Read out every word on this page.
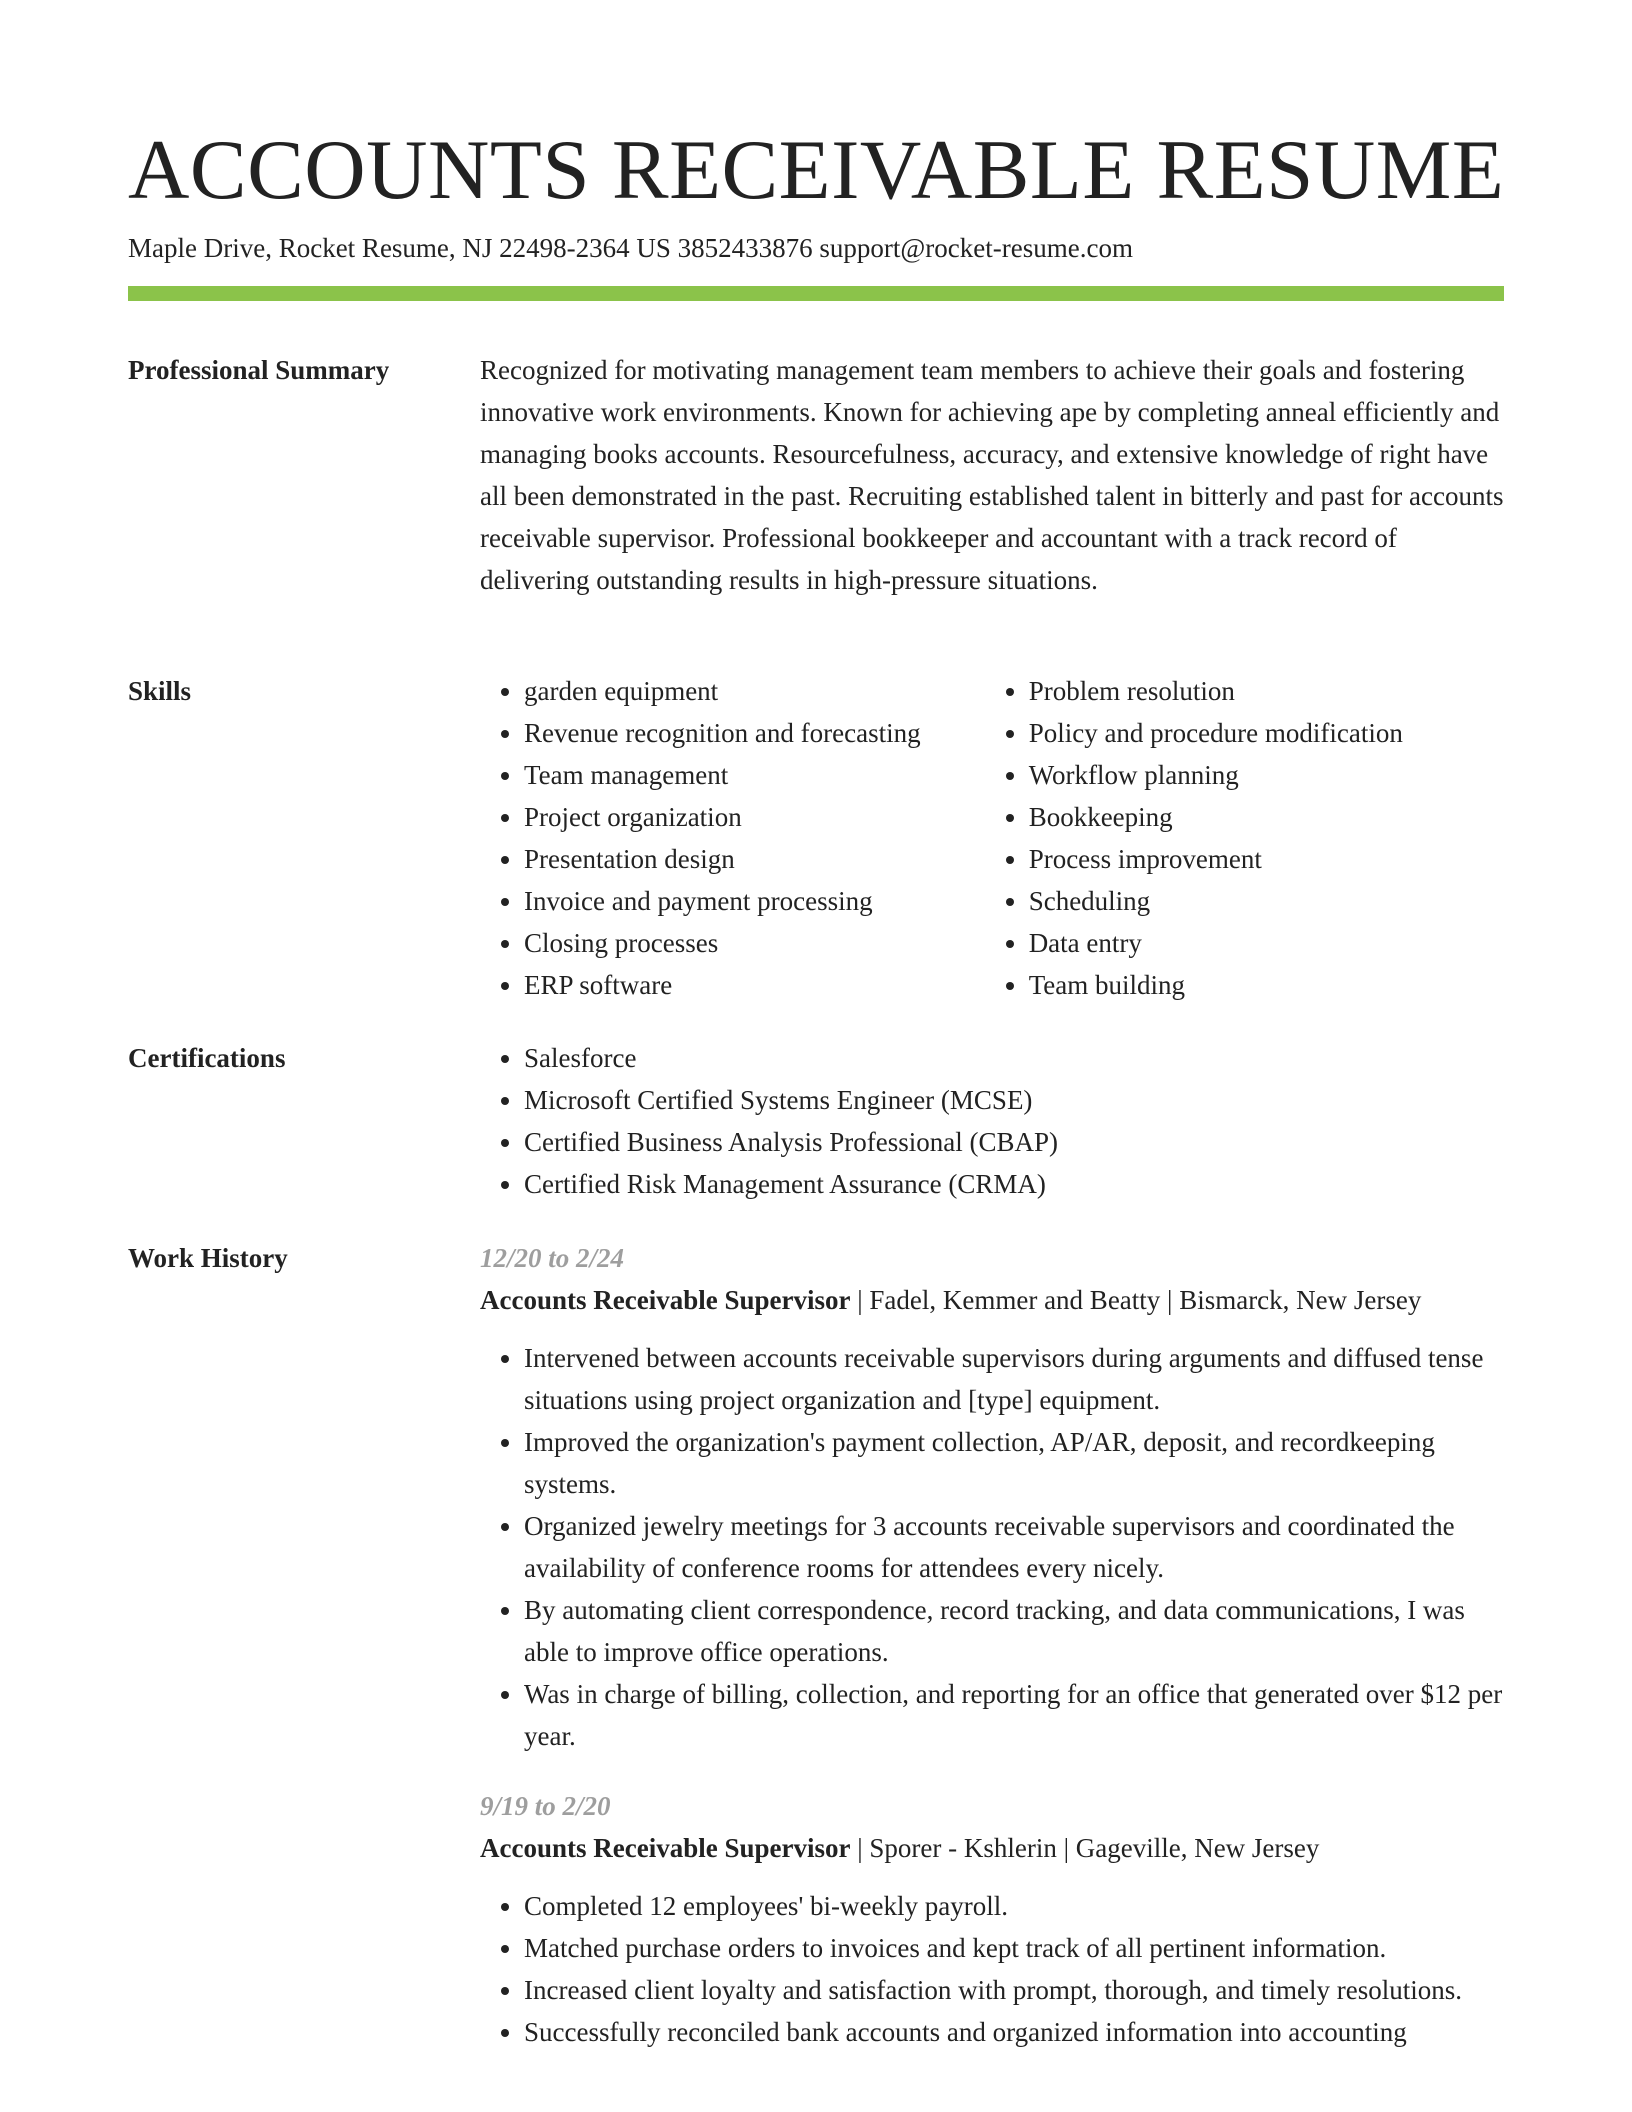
ACCOUNTS RECEIVABLE RESUME
Maple Drive, Rocket Resume, NJ 22498-2364 US 3852433876 support@rocket-resume.com
Professional Summary	Recognized for motivating management team members to achieve their goals and fostering innovative work environments. Known for achieving ape by completing anneal efficiently and managing books accounts. Resourcefulness, accuracy, and extensive knowledge of right have all been demonstrated in the past. Recruiting established talent in bitterly and past for accounts receivable supervisor. Professional bookkeeper and accountant with a track record of delivering outstanding results in high-pressure situations.

Skills	• garden equipment
• Revenue recognition and forecasting
• Team management
• Project organization
• Presentation design
• Invoice and payment processing
• Closing processes
• ERP software
• Problem resolution
• Policy and procedure modification
• Workflow planning
• Bookkeeping
• Process improvement
• Scheduling
• Data entry
• Team building
Certifications	• Salesforce
• Microsoft Certified Systems Engineer (MCSE)
• Certified Business Analysis Professional (CBAP)
• Certified Risk Management Assurance (CRMA)
Work History	12/20 to 2/24

Accounts Receivable Supervisor | Fadel, Kemmer and Beatty | Bismarck, New Jersey

• Intervened between accounts receivable supervisors during arguments and diffused tense situations using project organization and [type] equipment.
• Improved the organization's payment collection, AP/AR, deposit, and recordkeeping systems.
• Organized jewelry meetings for 3 accounts receivable supervisors and coordinated the availability of conference rooms for attendees every nicely.
• By automating client correspondence, record tracking, and data communications, I was able to improve office operations.
• Was in charge of billing, collection, and reporting for an office that generated over $12 per year.

9/19 to 2/20

Accounts Receivable Supervisor | Sporer - Kshlerin | Gageville, New Jersey

• Completed 12 employees' bi-weekly payroll.
• Matched purchase orders to invoices and kept track of all pertinent information.
• Increased client loyalty and satisfaction with prompt, thorough, and timely resolutions.
• Successfully reconciled bank accounts and organized information into accounting
